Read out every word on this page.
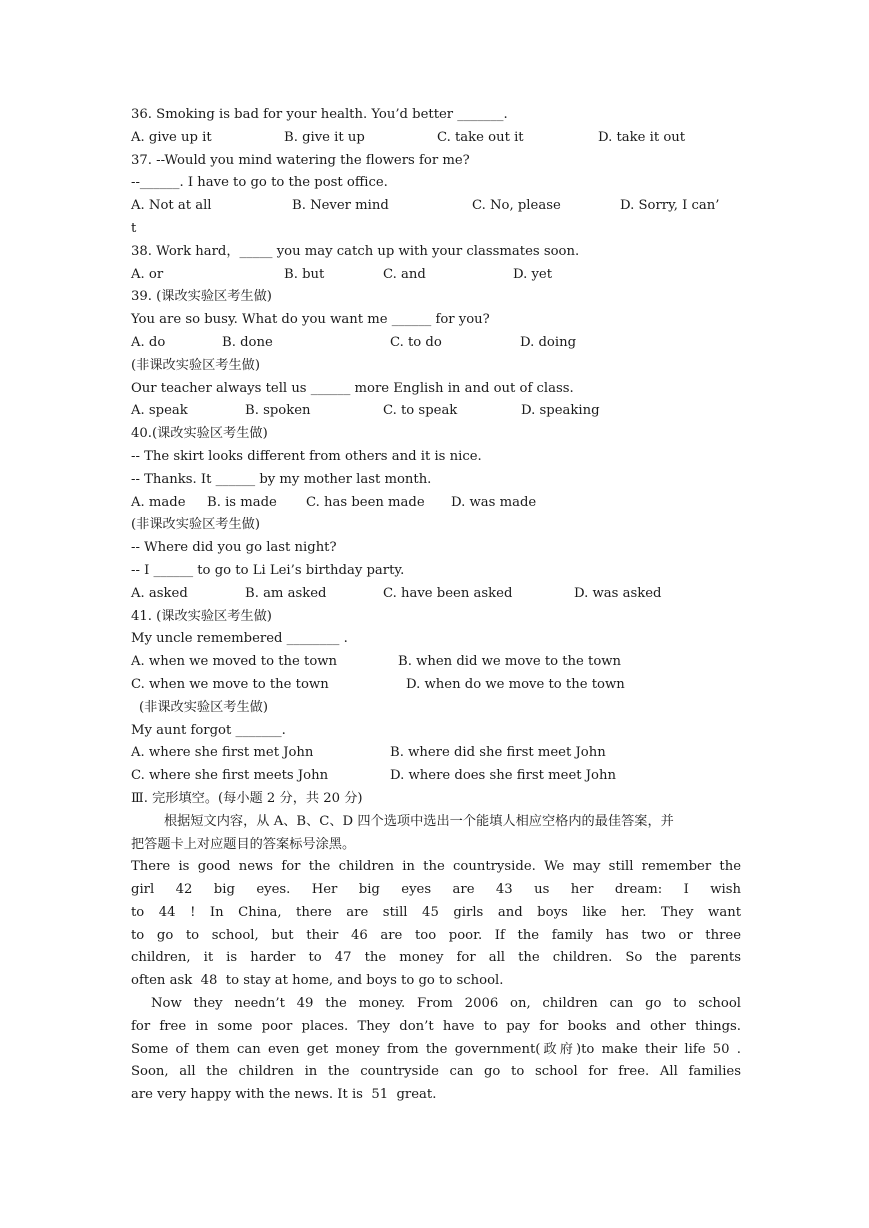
36. Smoking is bad for your health. You’d better _______.
A. give up it	B. give it up	C. take out it	D. take it out
37. --Would you mind watering the flowers for me?
--______. I have to go to the post office.
A. Not at all	B. Never mind	C. No, please	D. Sorry, I can’
t
38. Work hard，_____ you may catch up with your classmates soon.
A. or	B. but	C. and	D. yet
39. (课改实验区考生做)
You are so busy. What do you want me ______ for you?
A. do	B. done	C. to do	D. doing
(非课改实验区考生做)
Our teacher always tell us ______ more English in and out of class.
A. speak	B. spoken	C. to speak	D. speaking
40.(课改实验区考生做)
-- The skirt looks different from others and it is nice.
-- Thanks. It ______ by my mother last month.
A. made	B. is made	C. has been made	D. was made
(非课改实验区考生做)
-- Where did you go last night?
-- I ______ to go to Li Lei’s birthday party.
A. asked	B. am asked	C. have been asked	D. was asked
41. (课改实验区考生做)
My uncle remembered ________ .
A. when we moved to the town	B. when did we move to the town
C. when we move to the town	D. when do we move to the town
(非课改实验区考生做)
My aunt forgot _______.
A. where she first met John	B. where did she first meet John
C. where she first meets John	D. where does she first meet John
Ⅲ. 完形填空。(每小题 2 分，共 20 分)
根据短文内容，从 A、B、C、D 四个选项中选出一个能填人相应空格内的最佳答案，并
把答题卡上对应题目的答案标号涂黑。
There is good news for the children in the countryside. We may still remember the
girl 42 big eyes. Her big eyes are 43 us her dream: I wish
to 44 ! In China, there are still 45 girls and boys like her. They want
to go to school, but their 46 are too poor. If the family has two or three
children, it is harder to 47 the money for all the children. So the parents
often ask  48  to stay at home, and boys to go to school.
Now they needn’t 49 the money. From 2006 on, children can go to school
for free in some poor places. They don’t have to pay for books and other things.
Some of them can even get money from the government(政府)to make their life 50 .
Soon, all the children in the countryside can go to school for free. All families
are very happy with the news. It is  51  great.
